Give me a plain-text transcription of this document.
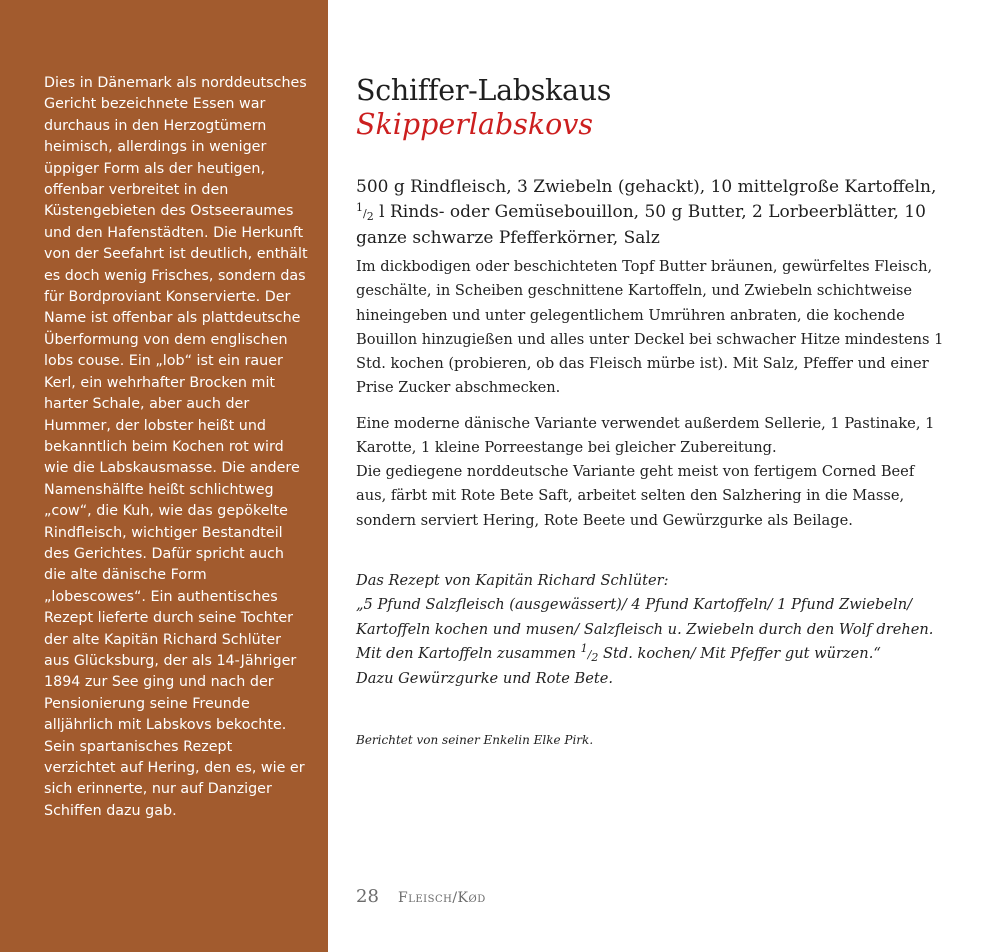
Dies in Dänemark als norddeutsches Gericht bezeichnete Essen war durchaus in den Herzogtümern heimisch, allerdings in weniger üppiger Form als der heutigen, offenbar verbreitet in den Küstengebieten des Ostseeraumes und den Hafenstädten. Die Herkunft von der Seefahrt ist deutlich, enthält es doch wenig Frisches, sondern das für Bordproviant Konservierte. Der Name ist offenbar als plattdeutsche Überformung von dem englischen lobs couse. Ein „lob“ ist ein rauer Kerl, ein wehrhafter Brocken mit harter Schale, aber auch der Hummer, der lobster heißt und bekanntlich beim Kochen rot wird wie die Labskausmasse. Die andere Namenshälfte heißt schlichtweg „cow“, die Kuh, wie das gepökelte Rindfleisch, wichtiger Bestandteil des Gerichtes. Dafür spricht auch die alte dänische Form „lobescowes“. Ein authentisches Rezept lieferte durch seine Tochter der alte Kapitän Richard Schlüter aus Glücksburg, der als 14-Jähriger 1894 zur See ging und nach der Pensionierung seine Freunde alljährlich mit Labskovs bekochte. Sein spartanisches Rezept verzichtet auf Hering, den es, wie er sich erinnerte, nur auf Danziger Schiffen dazu gab.

Schiffer-Labskaus
Skipperlabskovs

500 g Rindfleisch, 3 Zwiebeln (gehackt), 10 mittelgroße Kartoffeln, $^1$/2 l Rinds- oder Gemüsebouillon, 50 g Butter, 2 Lorbeerblätter, 10 ganze schwarze Pfefferkörner, Salz

Im dickbodigen oder beschichteten Topf Butter bräunen, gewürfeltes Fleisch, geschälte, in Scheiben geschnittene Kartoffeln, und Zwiebeln schichtweise hineingeben und unter gelegentlichem Umrühren anbraten, die kochende Bouillon hinzugießen und alles unter Deckel bei schwacher Hitze mindestens 1 Std. kochen (probieren, ob das Fleisch mürbe ist). Mit Salz, Pfeffer und einer Prise Zucker abschmecken.

Eine moderne dänische Variante verwendet außerdem Sellerie, 1 Pastinake, 1 Karotte, 1 kleine Porreestange bei gleicher Zubereitung.

Die gediegene norddeutsche Variante geht meist von fertigem Corned Beef aus, färbt mit Rote Bete Saft, arbeitet selten den Salzhering in die Masse, sondern serviert Hering, Rote Beete und Gewürzgurke als Beilage.

Das Rezept von Kapitän Richard Schlüter:
„5 Pfund Salzfleisch (ausgewässert)/ 4 Pfund Kartoffeln/ 1 Pfund Zwiebeln/ Kartoffeln kochen und musen/ Salzfleisch u. Zwiebeln durch den Wolf drehen. Mit den Kartoffeln zusammen $^1/_2$ Std. kochen/ Mit Pfeffer gut würzen.“
Dazu Gewürzgurke und Rote Bete.

Berichtet von seiner Enkelin Elke Pirk.

28 Fleisch/Kød
